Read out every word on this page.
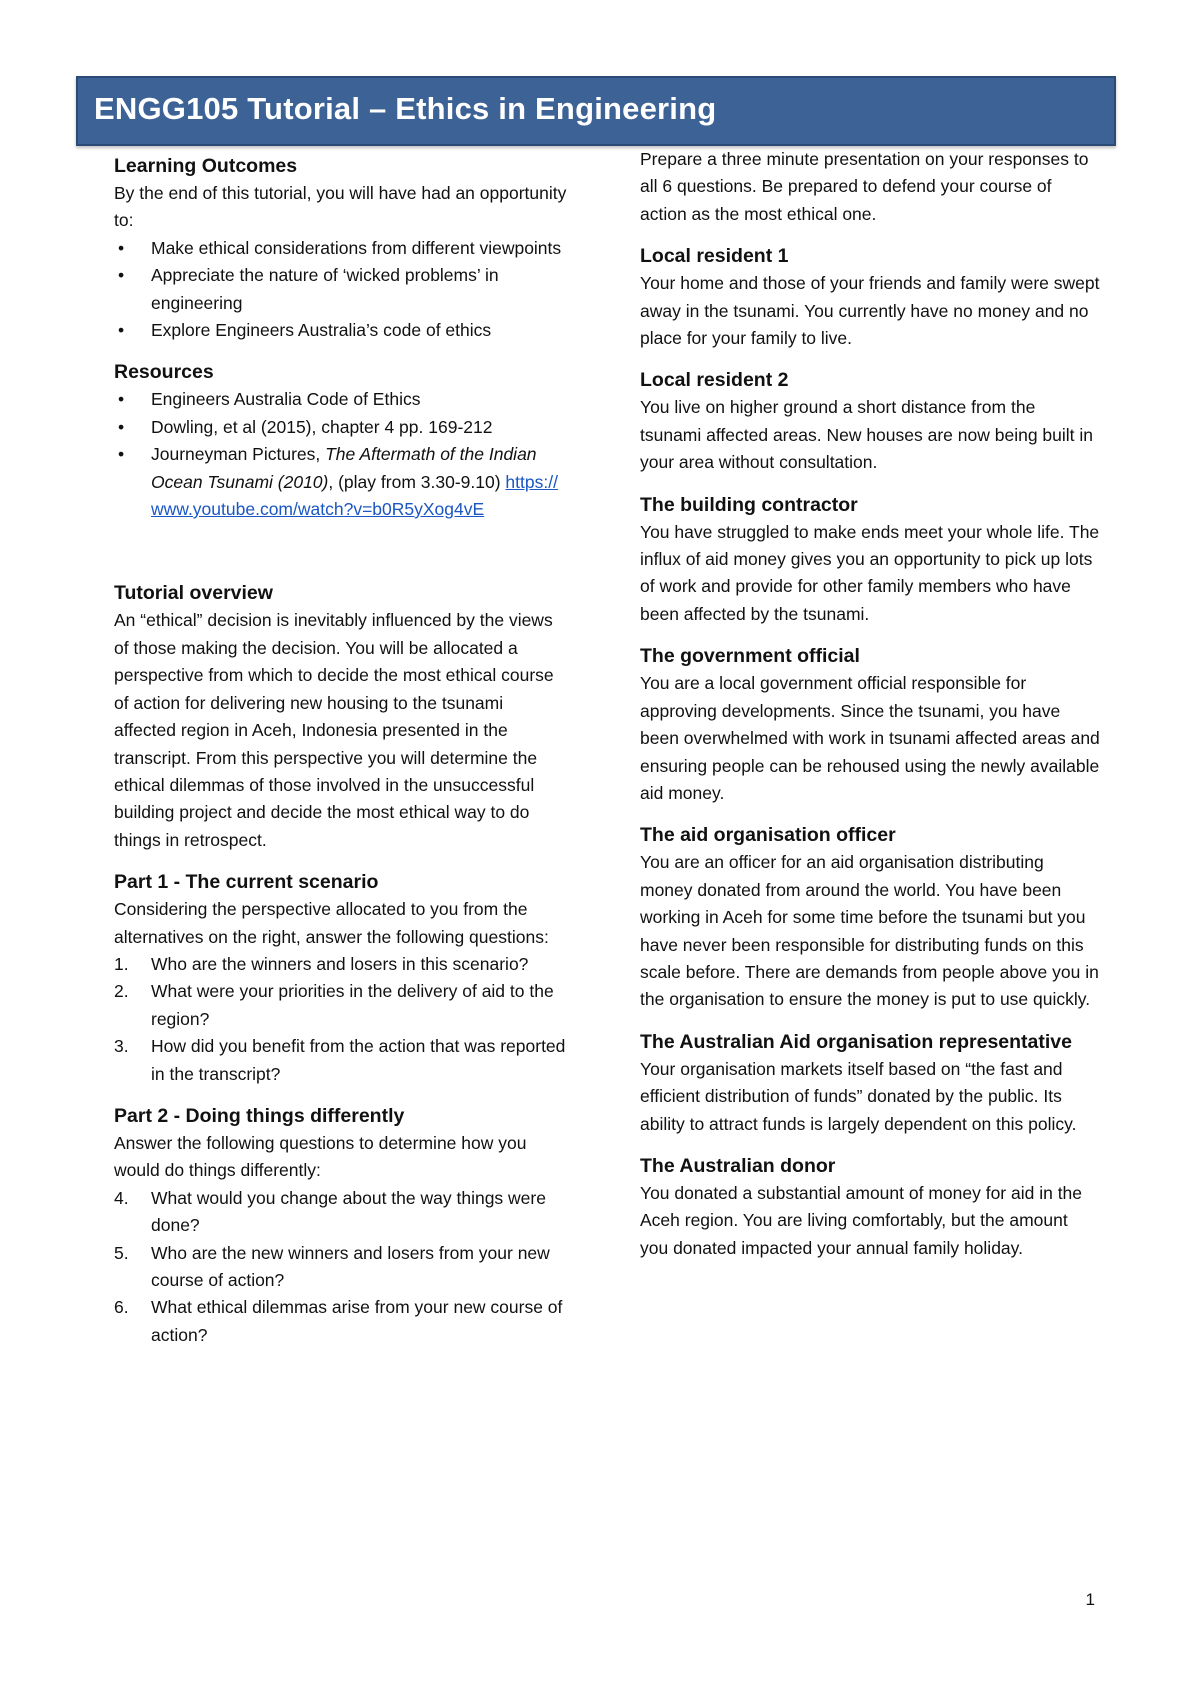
ENGG105 Tutorial – Ethics in Engineering
Learning Outcomes

By the end of this tutorial, you will have had an opportunity to:

• Make ethical considerations from different viewpoints
• Appreciate the nature of ‘wicked problems’ in engineering
• Explore Engineers Australia’s code of ethics
Resources
• Engineers Australia Code of Ethics
• Dowling, et al (2015), chapter 4 pp. 169-212
• Journeyman Pictures, The Aftermath of the Indian Ocean Tsunami (2010), (play from 3.30-9.10) https://www.youtube.com/watch?v=b0R5yXog4vE
Tutorial overview

An “ethical” decision is inevitably influenced by the views of those making the decision. You will be allocated a perspective from which to decide the most ethical course of action for delivering new housing to the tsunami affected region in Aceh, Indonesia presented in the transcript. From this perspective you will determine the ethical dilemmas of those involved in the unsuccessful building project and decide the most ethical way to do things in retrospect.

Part 1 - The current scenario

Considering the perspective allocated to you from the alternatives on the right, answer the following questions:

1. Who are the winners and losers in this scenario?
2. What were your priorities in the delivery of aid to the region?
3. How did you benefit from the action that was reported in the transcript?
Part 2 - Doing things differently

Answer the following questions to determine how you would do things differently:

4. What would you change about the way things were done?
5. Who are the new winners and losers from your new course of action?
6. What ethical dilemmas arise from your new course of action?

Prepare a three minute presentation on your responses to all 6 questions. Be prepared to defend your course of action as the most ethical one.

Local resident 1

Your home and those of your friends and family were swept away in the tsunami. You currently have no money and no place for your family to live.

Local resident 2

You live on higher ground a short distance from the tsunami affected areas. New houses are now being built in your area without consultation.

The building contractor

You have struggled to make ends meet your whole life. The influx of aid money gives you an opportunity to pick up lots of work and provide for other family members who have been affected by the tsunami.

The government official

You are a local government official responsible for approving developments. Since the tsunami, you have been overwhelmed with work in tsunami affected areas and ensuring people can be rehoused using the newly available aid money.

The aid organisation officer

You are an officer for an aid organisation distributing money donated from around the world. You have been working in Aceh for some time before the tsunami but you have never been responsible for distributing funds on this scale before. There are demands from people above you in the organisation to ensure the money is put to use quickly.

The Australian Aid organisation representative

Your organisation markets itself based on “the fast and efficient distribution of funds” donated by the public. Its ability to attract funds is largely dependent on this policy.

The Australian donor

You donated a substantial amount of money for aid in the Aceh region. You are living comfortably, but the amount you donated impacted your annual family holiday.

1
